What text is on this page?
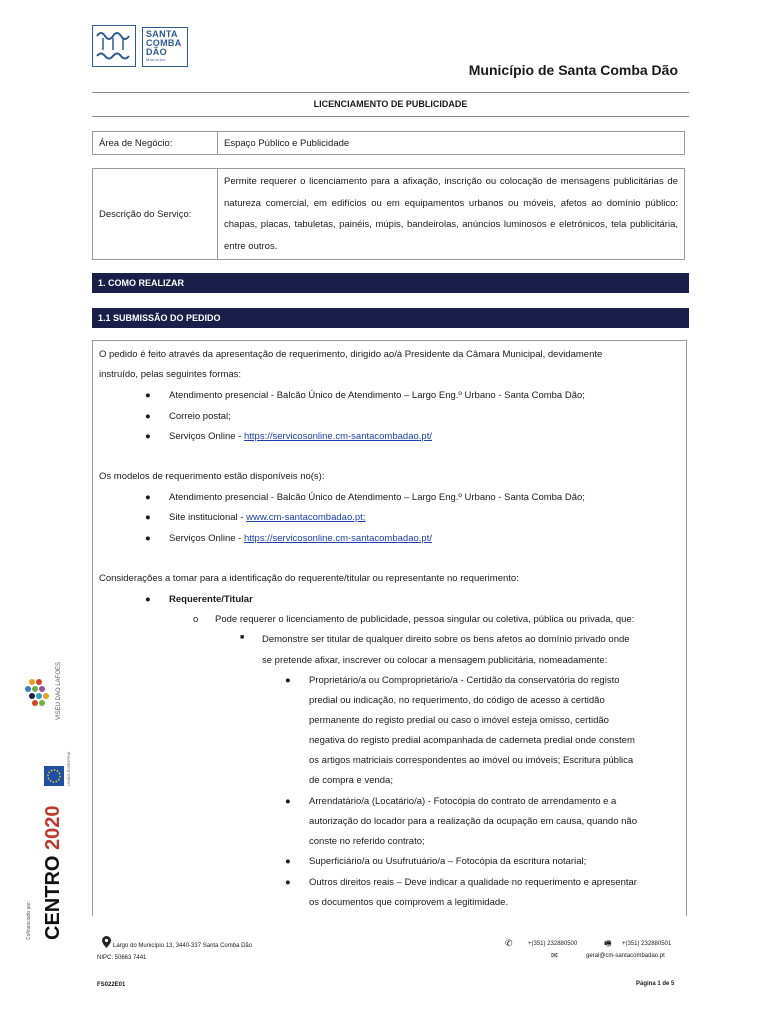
SANTA
COMBA
DÃO
Município
Município de Santa Comba Dão
LICENCIAMENTO DE PUBLICIDADE
Área de Negócio:	Espaço Público e Publicidade
Descrição do Serviço:	Permite requerer o licenciamento para a afixação, inscrição ou colocação de mensagens publicitárias de natureza comercial, em edifícios ou em equipamentos urbanos ou móveis, afetos ao domínio público: chapas, placas, tabuletas, painéis, múpis, bandeirolas, anúncios luminosos e eletrónicos, tela publicitária, entre outros.
1. COMO REALIZAR
1.1 SUBMISSÃO DO PEDIDO
O pedido é feito através da apresentação de requerimento, dirigido ao/à Presidente da Câmara Municipal, devidamente
instruído, pelas seguintes formas:
● Atendimento presencial - Balcão Único de Atendimento – Largo Eng.º Urbano - Santa Comba Dão;
● Correio postal;
● Serviços Online - https://servicosonline.cm-santacombadao.pt/
Os modelos de requerimento estão disponíveis no(s):
● Atendimento presencial - Balcão Único de Atendimento – Largo Eng.º Urbano - Santa Comba Dão;
● Site institucional - www.cm-santacombadao.pt;
● Serviços Online - https://servicosonline.cm-santacombadao.pt/
Considerações a tomar para a identificação do requerente/titular ou representante no requerimento:
● Requerente/Titular
o Pode requerer o licenciamento de publicidade, pessoa singular ou coletiva, pública ou privada, que:
■ Demonstre ser titular de qualquer direito sobre os bens afetos ao domínio privado onde
se pretende afixar, inscrever ou colocar a mensagem publicitária, nomeadamente:
● Proprietário/a ou Comproprietário/a - Certidão da conservatória do registo
predial ou indicação, no requerimento, do código de acesso à certidão
permanente do registo predial ou caso o imóvel esteja omisso, certidão
negativa do registo predial acompanhada de caderneta predial onde constem
os artigos matriciais correspondentes ao imóvel ou imóveis; Escritura pública
de compra e venda;
● Arrendatário/a (Locatário/a) - Fotocópia do contrato de arrendamento e a
autorização do locador para a realização da ocupação em causa, quando não
conste no referido contrato;
● Superficiário/a ou Usufrutuário/a – Fotocópia da escritura notarial;
● Outros direitos reais – Deve indicar a qualidade no requerimento e apresentar
os documentos que comprovem a legitimidade.
VISEU DÃO LAFÕES
UNIÃO EUROPEIA
2020
CENTRO
Cofinanciado por:
Largo do Município 13, 3440-337 Santa Comba Dão
NIPC: 50663 7441
✆	+(351) 232880500	🖷 +(351) 232880501
✉	geral@cm-santacombadao.pt
FS022E01	Página 1 de 5
